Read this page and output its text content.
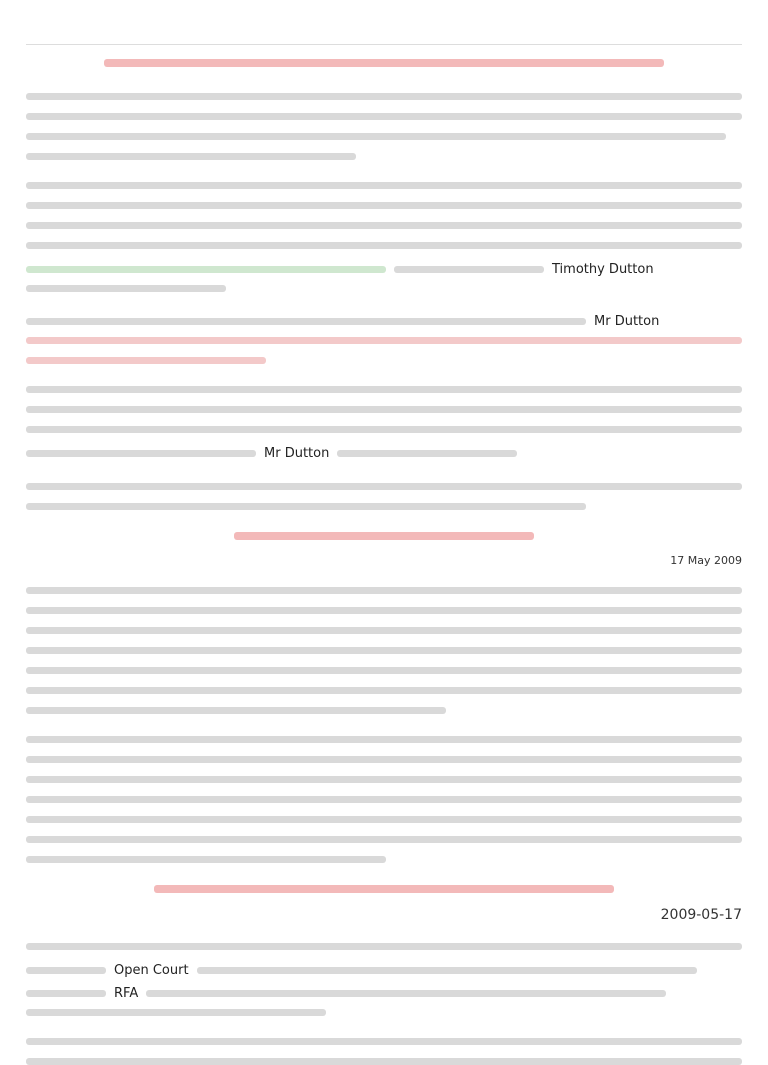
Timothy Dutton
Mr Dutton
Mr Dutton
17 May 2009
2009-05-17
Open Court
RFA
